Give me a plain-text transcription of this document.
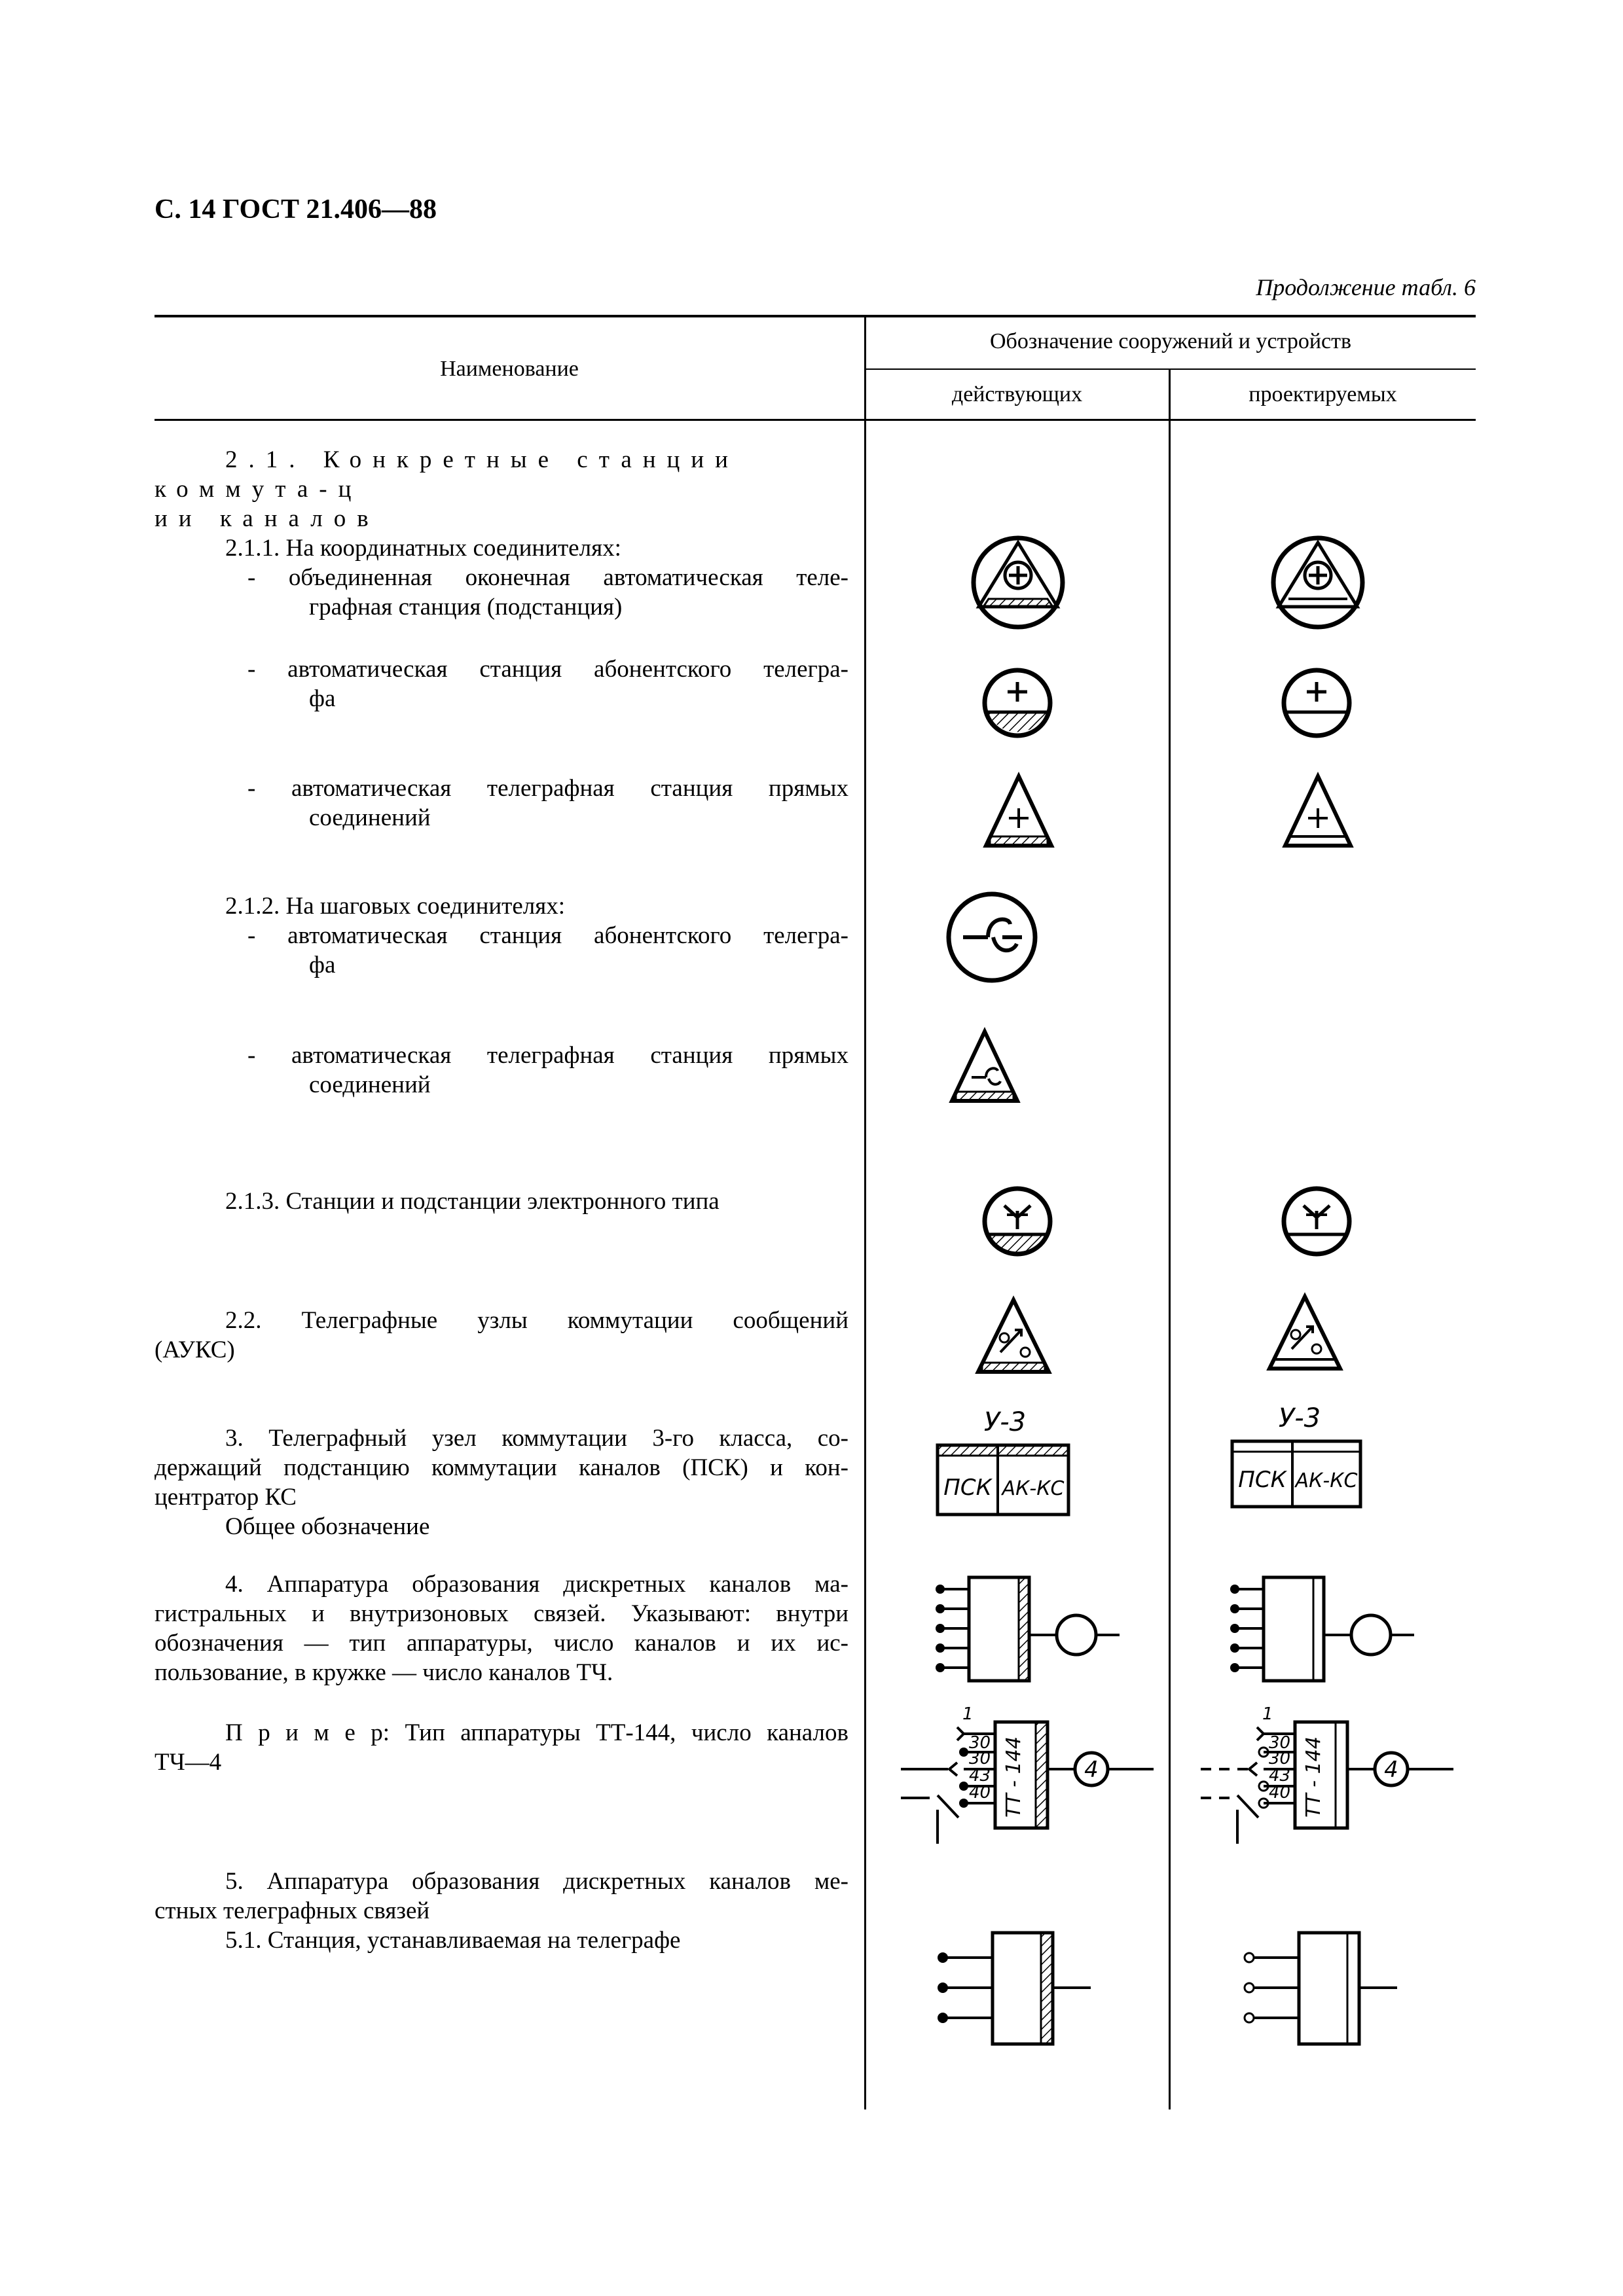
С. 14 ГОСТ 21.406—88
Продолжение табл. 6
Наименование
Обозначение сооружений и устройств
действующих	проектируемых

2.1. Конкретные станции коммута-ц

ии каналов

2.1.1. На координатных соединителях:

- объединенная оконечная автоматическая теле-

графная станция (подстанция)

- автоматическая станция абонентского телегра-

фа

- автоматическая телеграфная станция прямых

соединений

2.1.2. На шаговых соединителях:

- автоматическая станция абонентского телегра-

фа

- автоматическая телеграфная станция прямых

соединений

2.1.3. Станции и подстанции электронного типа

2.2. Телеграфные узлы коммутации сообщений

(АУКС)

3. Телеграфный узел коммутации 3-го класса, со-

держащий подстанцию коммутации каналов (ПСК) и кон-

центратор КС

Общее обозначение

4. Аппаратура образования дискретных каналов ма-

гистральных и внутризоновых связей. Указывают: внутри

обозначения — тип аппаратуры, число каналов и их ис-

пользование, в кружке — число каналов ТЧ.

П р и м е р: Тип аппаратуры ТТ-144, число каналов

ТЧ—4

5. Аппаратура образования дискретных каналов ме-

стных телеграфных связей

5.1. Станция, устанавливаемая на телеграфе

У-3
ПСК АК-КС
У-3
ПСК АК-КС
ТТ - 144
1
30
30
43
40
4	ТТ - 144
1
30
30
43
40
4
